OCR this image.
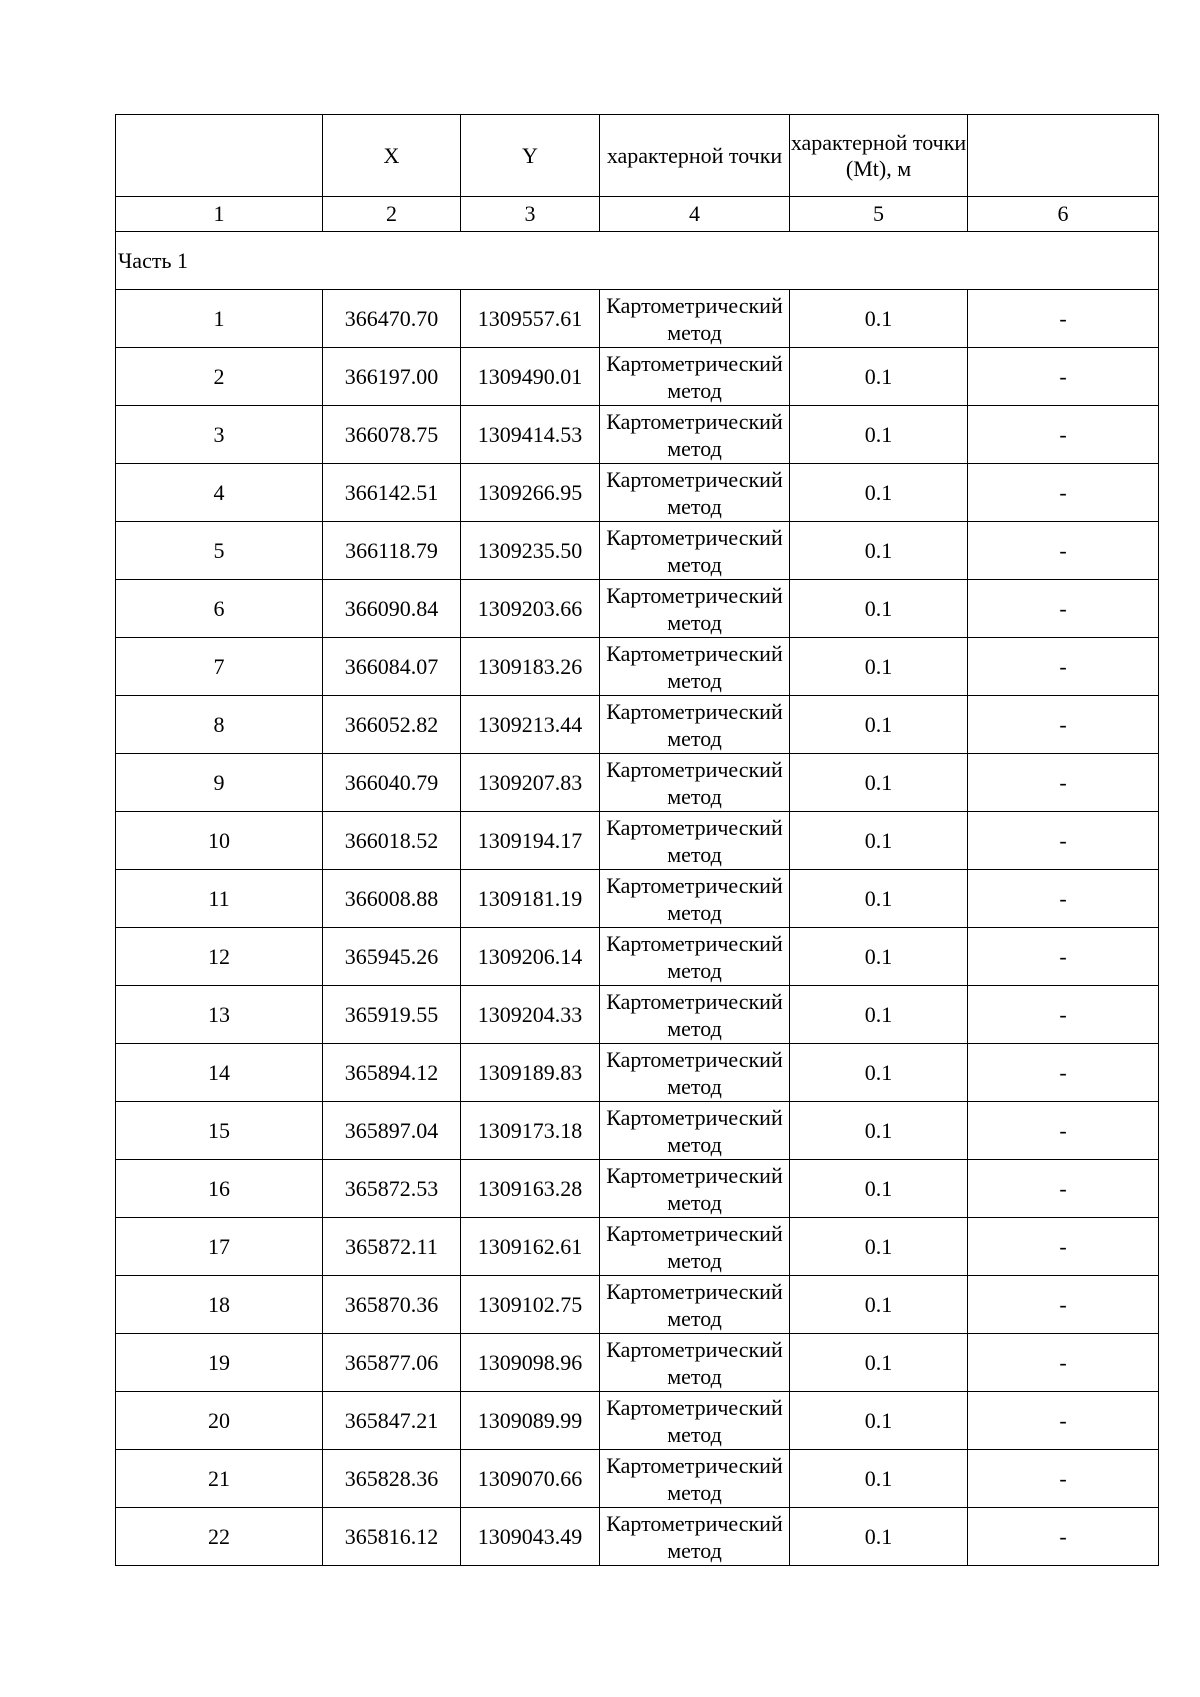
	X	Y	характерной точки	характерной точки (Mt), м	
1	2	3	4	5	6
Часть 1					
1	366470.70	1309557.61	Картометрический метод	0.1	-
2	366197.00	1309490.01	Картометрический метод	0.1	-
3	366078.75	1309414.53	Картометрический метод	0.1	-
4	366142.51	1309266.95	Картометрический метод	0.1	-
5	366118.79	1309235.50	Картометрический метод	0.1	-
6	366090.84	1309203.66	Картометрический метод	0.1	-
7	366084.07	1309183.26	Картометрический метод	0.1	-
8	366052.82	1309213.44	Картометрический метод	0.1	-
9	366040.79	1309207.83	Картометрический метод	0.1	-
10	366018.52	1309194.17	Картометрический метод	0.1	-
11	366008.88	1309181.19	Картометрический метод	0.1	-
12	365945.26	1309206.14	Картометрический метод	0.1	-
13	365919.55	1309204.33	Картометрический метод	0.1	-
14	365894.12	1309189.83	Картометрический метод	0.1	-
15	365897.04	1309173.18	Картометрический метод	0.1	-
16	365872.53	1309163.28	Картометрический метод	0.1	-
17	365872.11	1309162.61	Картометрический метод	0.1	-
18	365870.36	1309102.75	Картометрический метод	0.1	-
19	365877.06	1309098.96	Картометрический метод	0.1	-
20	365847.21	1309089.99	Картометрический метод	0.1	-
21	365828.36	1309070.66	Картометрический метод	0.1	-
22	365816.12	1309043.49	Картометрический метод	0.1	-
